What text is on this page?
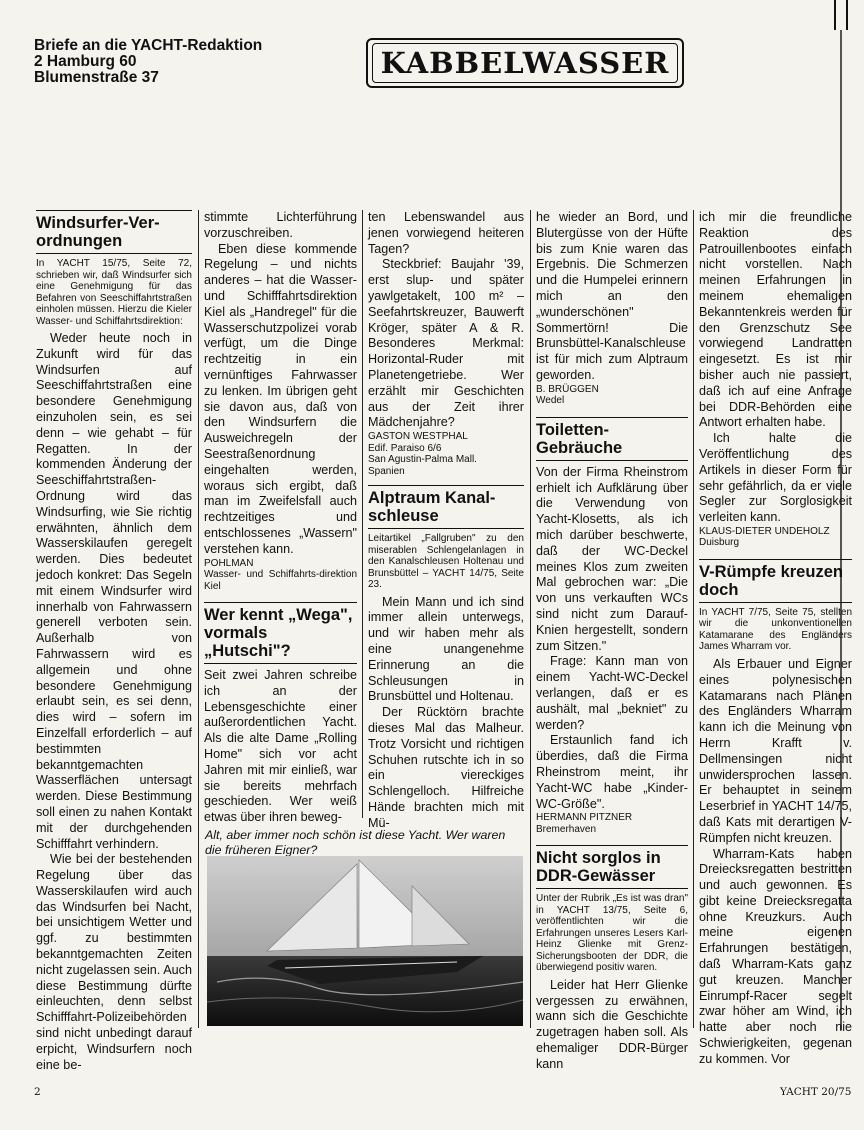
Briefe an die YACHT-Redaktion
2 Hamburg 60
Blumenstraße 37	KABBELWASSER
Windsurfer-Ver-ordnungen

In YACHT 15/75, Seite 72, schrieben wir, daß Windsurfer sich eine Genehmigung für das Befahren von Seeschiffahrtstraßen einholen müssen. Hierzu die Kieler Wasser- und Schiffahrtsdirektion:

Weder heute noch in Zukunft wird für das Windsurfen auf Seeschiffahrtstraßen eine besondere Genehmigung einzuholen sein, es sei denn – wie gehabt – für Regatten. In der kommenden Änderung der Seeschiffahrtstraßen-Ordnung wird das Windsurfing, wie Sie richtig erwähnten, ähnlich dem Wasserskilaufen geregelt werden. Dies bedeutet jedoch konkret: Das Segeln mit einem Windsurfer wird innerhalb von Fahrwassern generell verboten sein. Außerhalb von Fahrwassern wird es allgemein und ohne besondere Genehmigung erlaubt sein, es sei denn, dies wird – sofern im Einzelfall erforderlich – auf bestimmten bekanntgemachten Wasserflächen untersagt werden. Diese Bestimmung soll einen zu nahen Kontakt mit der durchgehenden Schifffahrt verhindern.

Wie bei der bestehenden Regelung über das Wasserskilaufen wird auch das Windsurfen bei Nacht, bei unsichtigem Wetter und ggf. zu bestimmten bekanntgemachten Zeiten nicht zugelassen sein. Auch diese Bestimmung dürfte einleuchten, denn selbst Schifffahrt-Polizeibehörden sind nicht unbedingt darauf erpicht, Windsurfern noch eine be-

stimmte Lichterführung vorzuschreiben.

Eben diese kommende Regelung – und nichts anderes – hat die Wasser- und Schifffahrtsdirektion Kiel als „Handregel" für die Wasserschutzpolizei vorab verfügt, um die Dinge rechtzeitig in ein vernünftiges Fahrwasser zu lenken. Im übrigen geht sie davon aus, daß von den Windsurfern die Ausweichregeln der Seestraßenordnung eingehalten werden, woraus sich ergibt, daß man im Zweifelsfall auch rechtzeitiges und entschlossenes „Wassern" verstehen kann.

POHLMAN

Wasser- und Schiffahrts-direktion Kiel

Wer kennt „Wega", vormals „Hutschi"?

Seit zwei Jahren schreibe ich an der Lebensgeschichte einer außerordentlichen Yacht. Als die alte Dame „Rolling Home" sich vor acht Jahren mit mir einließ, war sie bereits mehrfach geschieden. Wer weiß etwas über ihren beweg-

ten Lebenswandel aus jenen vorwiegend heiteren Tagen?

Steckbrief: Baujahr '39, erst slup- und später yawlgetakelt, 100 m² – Seefahrtskreuzer, Bauwerft Kröger, später A & R. Besonderes Merkmal: Horizontal-Ruder mit Planetengetriebe. Wer erzählt mir Geschichten aus der Zeit ihrer Mädchenjahre?

GASTON WESTPHAL

Edif. Paraiso 6/6

San Agustin-Palma Mall.

Spanien

Alptraum Kanal-schleuse

Leitartikel „Fallgruben" zu den miserablen Schlengelanlagen in den Kanalschleusen Holtenau und Brunsbüttel – YACHT 14/75, Seite 23.

Mein Mann und ich sind immer allein unterwegs, und wir haben mehr als eine unangenehme Erinnerung an die Schleusungen in Brunsbüttel und Holtenau.

Der Rücktörn brachte dieses Mal das Malheur. Trotz Vorsicht und richtigen Schuhen rutschte ich in so ein viereckiges Schlengelloch. Hilfreiche Hände brachten mich mit Mü-

he wieder an Bord, und Blutergüsse von der Hüfte bis zum Knie waren das Ergebnis. Die Schmerzen und die Humpelei erinnern mich an den „wunderschönen" Sommertörn! Die Brunsbüttel-Kanalschleuse ist für mich zum Alptraum geworden.

B. BRÜGGEN

Wedel

Toiletten-Gebräuche

Von der Firma Rheinstrom erhielt ich Aufklärung über die Verwendung von Yacht-Klosetts, als ich mich darüber beschwerte, daß der WC-Deckel meines Klos zum zweiten Mal gebrochen war: „Die von uns verkauften WCs sind nicht zum Darauf-Knien hergestellt, sondern zum Sitzen."

Frage: Kann man von einem Yacht-WC-Deckel verlangen, daß er es aushält, mal „bekniet" zu werden?

Erstaunlich fand ich überdies, daß die Firma Rheinstrom meint, ihr Yacht-WC habe „Kinder-WC-Größe".

HERMANN PITZNER

Bremerhaven

Nicht sorglos in DDR-Gewässer

Unter der Rubrik „Es ist was dran" in YACHT 13/75, Seite 6, veröffentlichten wir die Erfahrungen unseres Lesers Karl-Heinz Glienke mit Grenz-Sicherungsbooten der DDR, die überwiegend positiv waren.

Leider hat Herr Glienke vergessen zu erwähnen, wann sich die Geschichte zugetragen haben soll. Als ehemaliger DDR-Bürger kann

ich mir die freundliche Reaktion des Patrouillenbootes einfach nicht vorstellen. Nach meinen Erfahrungen in meinem ehemaligen Bekanntenkreis werden für den Grenzschutz See vorwiegend Landratten eingesetzt. Es ist mir bisher auch nie passiert, daß ich auf eine Anfrage bei DDR-Behörden eine Antwort erhalten habe.

Ich halte die Veröffentlichung des Artikels in dieser Form für sehr gefährlich, da er viele Segler zur Sorglosigkeit verleiten kann.

KLAUS-DIETER UNDEHOLZ

Duisburg

V-Rümpfe kreuzen doch

In YACHT 7/75, Seite 75, stellten wir die unkonventionellen Katamarane des Engländers James Wharram vor.

Als Erbauer und Eigner eines polynesischen Katamarans nach Plänen des Engländers Wharram kann ich die Meinung von Herrn Krafft v. Dellmensingen nicht unwidersprochen lassen. Er behauptet in seinem Leserbrief in YACHT 14/75, daß Kats mit derartigen V-Rümpfen nicht kreuzen.

Wharram-Kats haben Dreiecksregatten bestritten und auch gewonnen. Es gibt keine Dreiecksregatta ohne Kreuzkurs. Auch meine eigenen Erfahrungen bestätigen, daß Wharram-Kats ganz gut kreuzen. Mancher Einrumpf-Racer segelt zwar höher am Wind, ich hatte aber noch nie Schwierigkeiten, gegenan zu kommen. Vor

Alt, aber immer noch schön ist diese Yacht. Wer waren die früheren Eigner?
2	YACHT 20/75
